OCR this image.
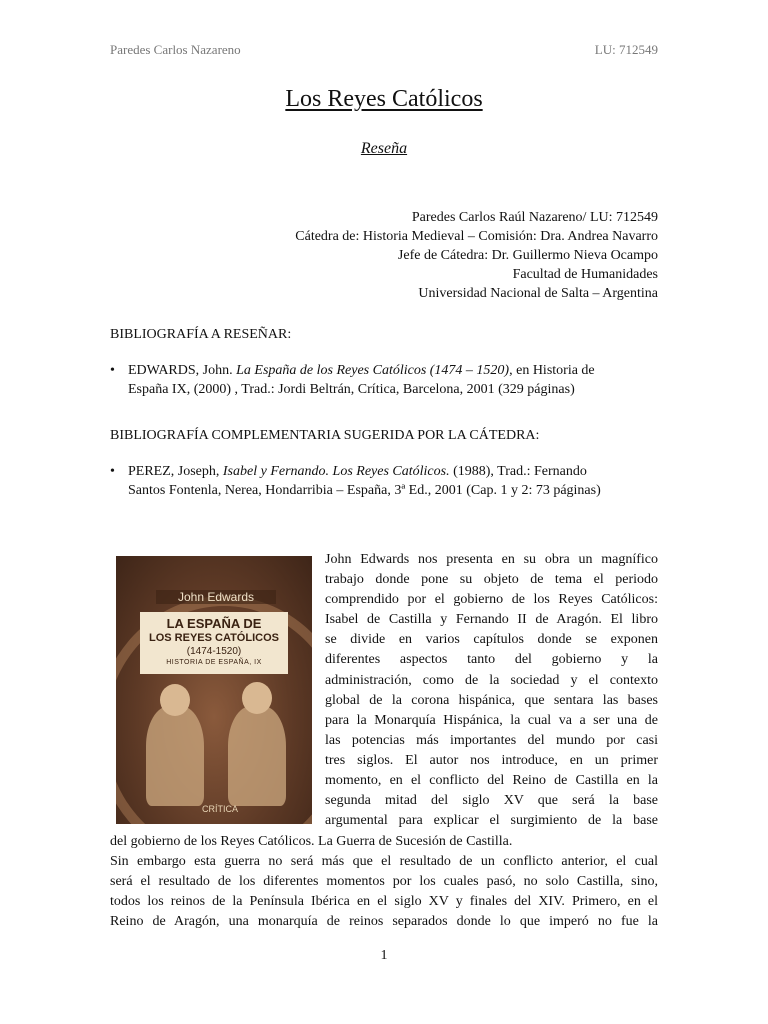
Paredes Carlos Nazareno	LU: 712549
Los Reyes Católicos
Reseña
Paredes Carlos Raúl Nazareno/ LU: 712549
Cátedra de: Historia Medieval – Comisión: Dra. Andrea Navarro
Jefe de Cátedra: Dr. Guillermo Nieva Ocampo
Facultad de Humanidades
Universidad Nacional de Salta – Argentina
BIBLIOGRAFÍA A RESEÑAR:
• EDWARDS, John. La España de los Reyes Católicos (1474 – 1520), en Historia de
España IX, (2000) , Trad.: Jordi Beltrán, Crítica, Barcelona, 2001 (329 páginas)
BIBLIOGRAFÍA COMPLEMENTARIA SUGERIDA POR LA CÁTEDRA:
• PEREZ, Joseph, Isabel y Fernando. Los Reyes Católicos. (1988), Trad.: Fernando
Santos Fontenla, Nerea, Hondarribia – España, 3ª Ed., 2001 (Cap. 1 y 2: 73 páginas)
John Edwards
LA ESPAÑA DE
LOS REYES CATÓLICOS
(1474-1520)
HISTORIA DE ESPAÑA, IX
CRÍTICA
John Edwards nos presenta en su obra un magnífico
trabajo donde pone su objeto de tema el periodo
comprendido por el gobierno de los Reyes Católicos:
Isabel de Castilla y Fernando II de Aragón. El libro
se divide en varios capítulos donde se exponen
diferentes aspectos tanto del gobierno y la
administración, como de la sociedad y el contexto
global de la corona hispánica, que sentara las bases
para la Monarquía Hispánica, la cual va a ser una de
las potencias más importantes del mundo por casi
tres siglos. El autor nos introduce, en un primer
momento, en el conflicto del Reino de Castilla en la
segunda mitad del siglo XV que será la base
argumental para explicar el surgimiento de la base
del gobierno de los Reyes Católicos. La Guerra de Sucesión de Castilla.
Sin embargo esta guerra no será más que el resultado de un conflicto anterior, el cual
será el resultado de los diferentes momentos por los cuales pasó, no solo Castilla, sino,
todos los reinos de la Península Ibérica en el siglo XV y finales del XIV. Primero, en el
Reino de Aragón, una monarquía de reinos separados donde lo que imperó no fue la
1
